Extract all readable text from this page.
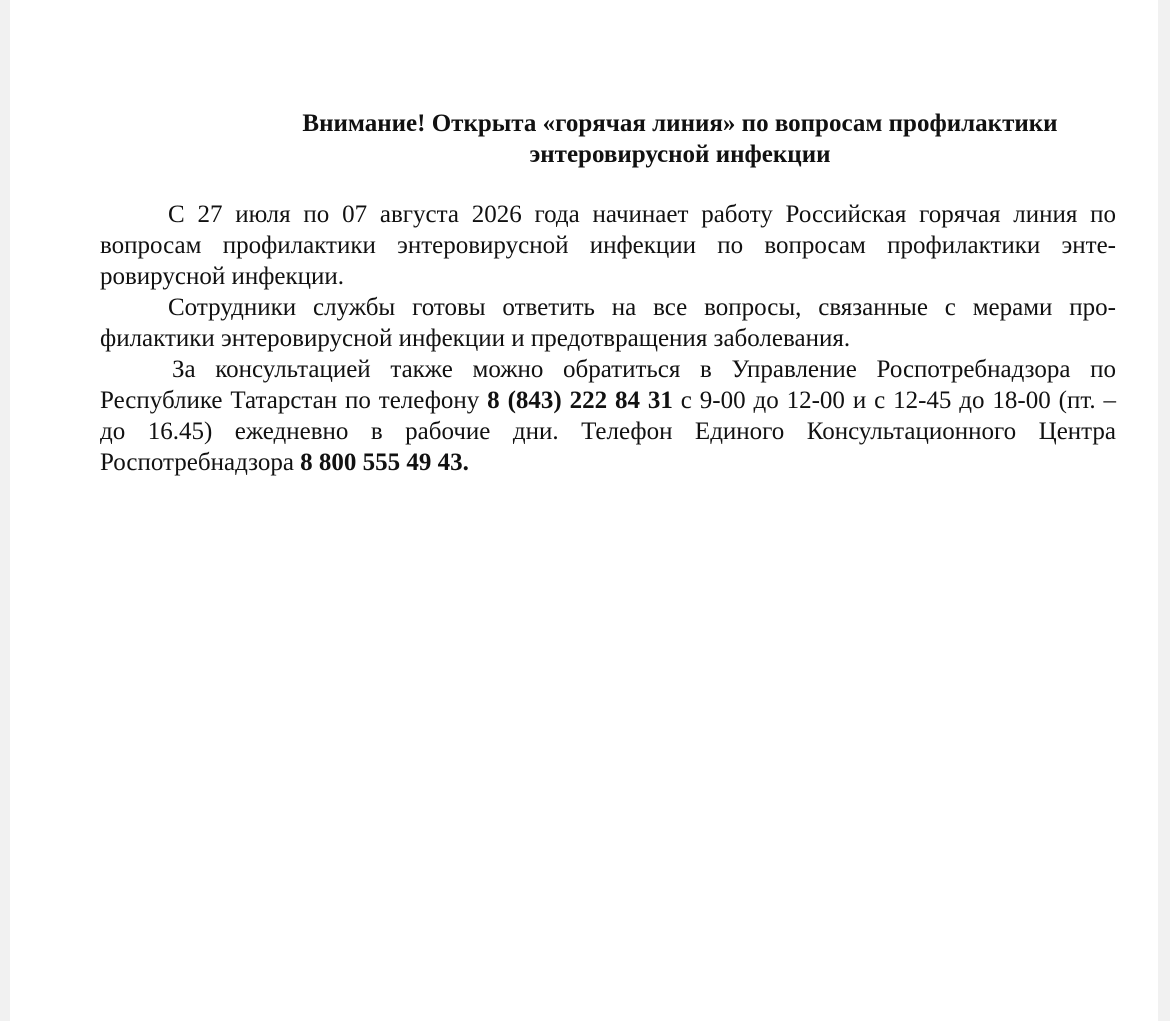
Внимание! Открыта «горячая линия» по вопросам профилактики
энтеровирусной инфекции

С 27 июля по 07 августа 2026 года начинает работу Российская горячая линия по вопросам профилактики энтеровирусной инфекции по вопросам профилактики энтеровирусной инфекции.

Сотрудники службы готовы ответить на все вопросы, связанные с мерами профилактики энтеровирусной инфекции и предотвращения заболевания.

За консультацией также можно обратиться в Управление Роспотребнадзора по Республике Татарстан по телефону 8 (843) 222 84 31 с 9-00 до 12-00 и с 12-45 до 18-00 (пт. – до 16.45) ежедневно в рабочие дни. Телефон Единого Консультационного Центра Роспотребнадзора 8 800 555 49 43.
